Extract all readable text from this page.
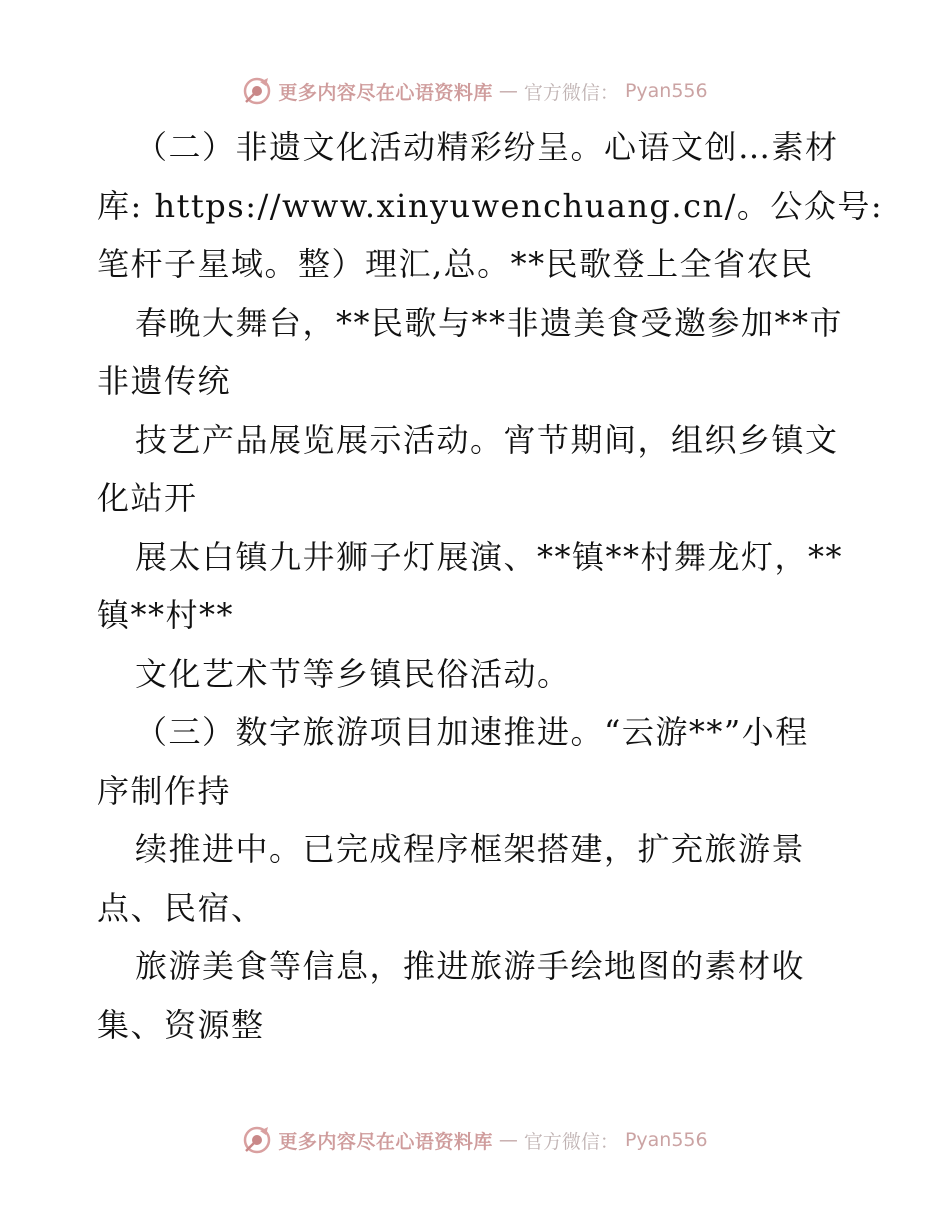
更多内容尽在心语资料库 — 官方微信： Pyan556
（二）非遗文化活动精彩纷呈。心语文创…素材
库: https://www.xinyuwenchuang.cn/。公众号:
笔杆子星域。整）理汇,总。**民歌登上全省农民
春晚大舞台，**民歌与**非遗美食受邀参加**市
非遗传统
技艺产品展览展示活动。宵节期间，组织乡镇文
化站开
展太白镇九井狮子灯展演、**镇**村舞龙灯，**
镇**村**
文化艺术节等乡镇民俗活动。
（三）数字旅游项目加速推进。“云游**”小程
序制作持
续推进中。已完成程序框架搭建，扩充旅游景
点、民宿、
旅游美食等信息，推进旅游手绘地图的素材收
集、资源整
更多内容尽在心语资料库 — 官方微信： Pyan556
